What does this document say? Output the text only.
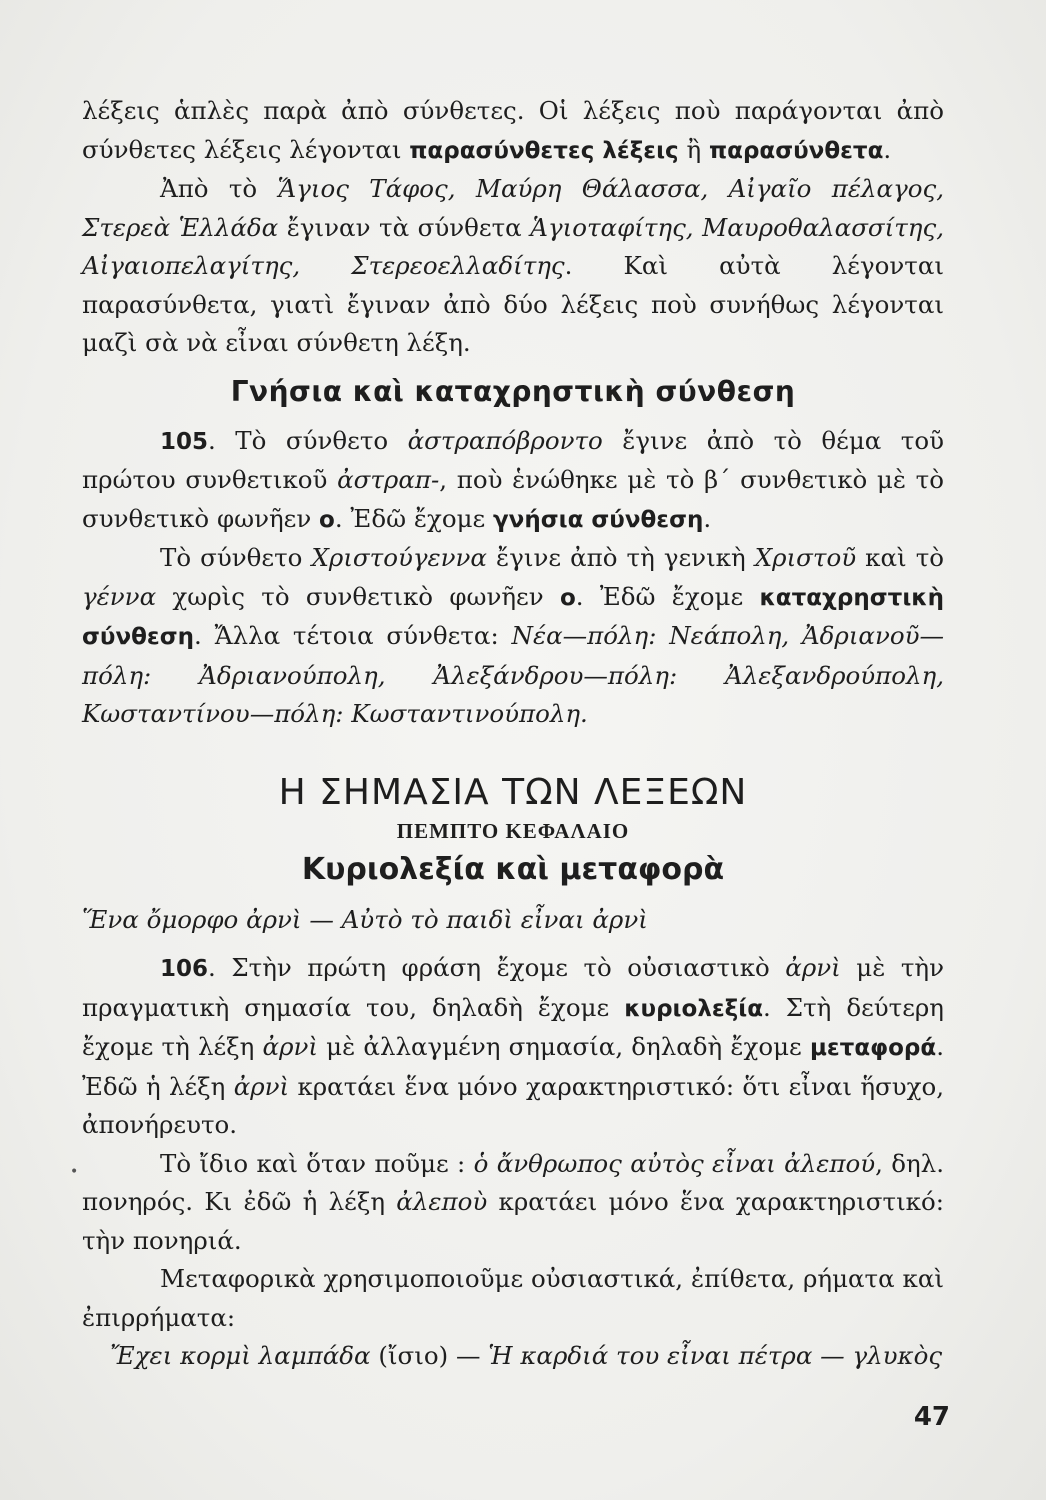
λέξεις ἁπλὲς παρὰ ἀπὸ σύνθετες. Οἱ λέξεις ποὺ παράγονται ἀπὸ σύνθετες λέξεις λέγονται παρασύνθετες λέξεις ἢ παρασύνθετα.

Ἀπὸ τὸ Ἅγιος Τάφος, Μαύρη Θάλασσα, Αἰγαῖο πέλαγος, Στερεὰ Ἑλλάδα ἔγιναν τὰ σύνθετα Ἁγιοταφίτης, Μαυροθαλασσίτης, Αἰγαιοπελαγίτης, Στερεοελλαδίτης. Καὶ αὐτὰ λέγονται παρασύνθετα, γιατὶ ἔγιναν ἀπὸ δύο λέξεις ποὺ συνήθως λέγονται μαζὶ σὰ νὰ εἶναι σύνθετη λέξη.

Γνήσια καὶ καταχρηστικὴ σύνθεση

105. Τὸ σύνθετο ἀστραπόβροντο ἔγινε ἀπὸ τὸ θέμα τοῦ πρώτου συνθετικοῦ ἀστραπ-, ποὺ ἑνώθηκε μὲ τὸ β΄ συνθετικὸ μὲ τὸ συνθετικὸ φωνῆεν ο. Ἐδῶ ἔχομε γνήσια σύνθεση.

Τὸ σύνθετο Χριστούγεννα ἔγινε ἀπὸ τὴ γενικὴ Χριστοῦ καὶ τὸ γέννα χωρὶς τὸ συνθετικὸ φωνῆεν ο. Ἐδῶ ἔχομε καταχρηστικὴ σύνθεση. Ἄλλα τέτοια σύνθετα: Νέα—πόλη: Νεάπολη, Ἀδριανοῦ—πόλη: Ἀδριανούπολη, Ἀλεξάνδρου—πόλη: Ἀλεξανδρούπολη, Κωσταντίνου—πόλη: Κωσταντινούπολη.

Η ΣΗΜΑΣΙΑ ΤΩΝ ΛΕΞΕΩΝ
ΠΕΜΠΤΟ ΚΕΦΑΛΑΙΟ
Κυριολεξία καὶ μεταφορὰ

Ἕνα ὄμορφο ἀρνὶ — Αὐτὸ τὸ παιδὶ εἶναι ἀρνὶ

106. Στὴν πρώτη φράση ἔχομε τὸ οὐσιαστικὸ ἀρνὶ μὲ τὴν πραγματικὴ σημασία του, δηλαδὴ ἔχομε κυριολεξία. Στὴ δεύτερη ἔχομε τὴ λέξη ἀρνὶ μὲ ἀλλαγμένη σημασία, δηλαδὴ ἔχομε μεταφορά. Ἐδῶ ἡ λέξη ἀρνὶ κρατάει ἕνα μόνο χαρακτηριστικό: ὅτι εἶναι ἥσυχο, ἀπονήρευτο.

Τὸ ἴδιο καὶ ὅταν ποῦμε : ὁ ἄνθρωπος αὐτὸς εἶναι ἀλεπού, δηλ. πονηρός. Κι ἐδῶ ἡ λέξη ἀλεποὺ κρατάει μόνο ἕνα χαρακτηριστικό: τὴν πονηριά.

Μεταφορικὰ χρησιμοποιοῦμε οὐσιαστικά, ἐπίθετα, ρήματα καὶ ἐπιρρήματα:

Ἔχει κορμὶ λαμπάδα (ἴσιο) — Ἡ καρδιά του εἶναι πέτρα — γλυκὸς

•
47
